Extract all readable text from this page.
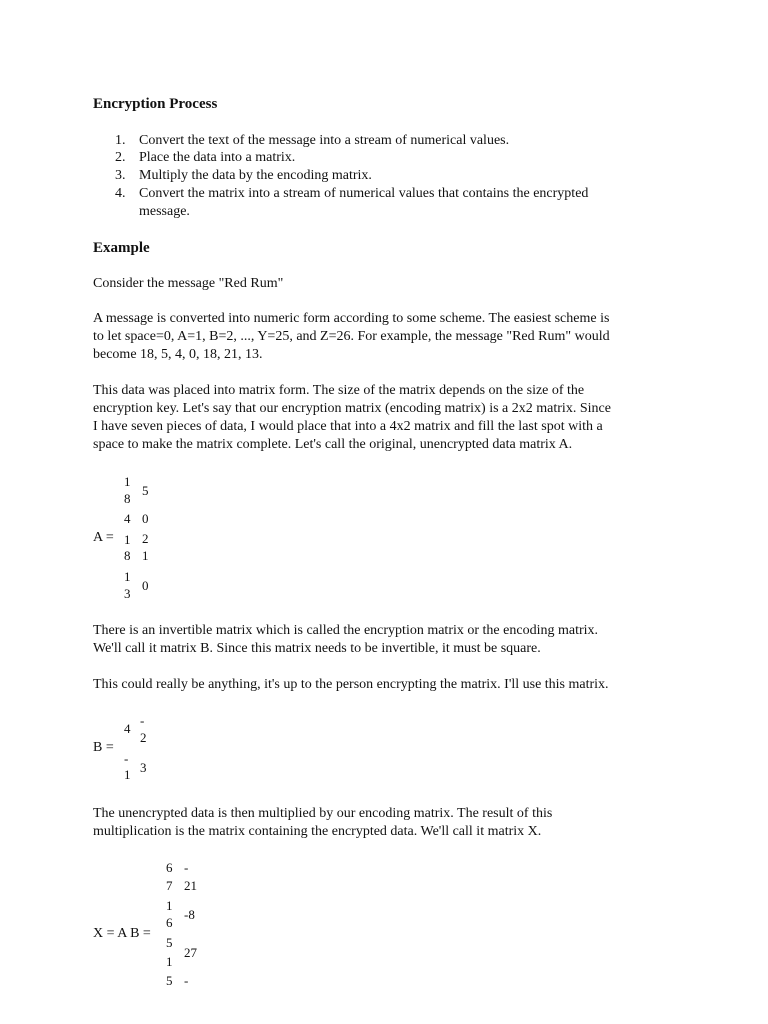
Encryption Process
1. Convert the text of the message into a stream of numerical values.
2. Place the data into a matrix.
3. Multiply the data by the encoding matrix.
4. Convert the matrix into a stream of numerical values that contains the encrypted
message.
Example
Consider the message "Red Rum"
A message is converted into numeric form according to some scheme. The easiest scheme is
to let space=0, A=1, B=2, ..., Y=25, and Z=26. For example, the message "Red Rum" would
become 18, 5, 4, 0, 18, 21, 13.
This data was placed into matrix form. The size of the matrix depends on the size of the
encryption key. Let's say that our encryption matrix (encoding matrix) is a 2x2 matrix. Since
I have seven pieces of data, I would place that into a 4x2 matrix and fill the last spot with a
space to make the matrix complete. Let's call the original, unencrypted data matrix A.
A =
1
8
4
1
8
1
3
5
0
2
1
0
There is an invertible matrix which is called the encryption matrix or the encoding matrix.
We'll call it matrix B. Since this matrix needs to be invertible, it must be square.
This could really be anything, it's up to the person encrypting the matrix. I'll use this matrix.
B =
4
-
1
-
2
3
The unencrypted data is then multiplied by our encoding matrix. The result of this
multiplication is the matrix containing the encrypted data. We'll call it matrix X.
X = A B =
6
7
1
6
5
1
5
-
21
-8
27
-
